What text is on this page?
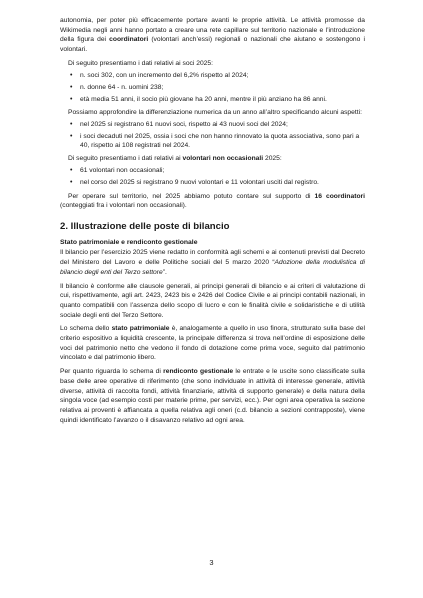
autonomia, per poter più efficacemente portare avanti le proprie attività. Le attività promosse da Wikimedia negli anni hanno portato a creare una rete capillare sul territorio nazionale e l’introduzione della figura dei coordinatori (volontari anch’essi) regionali o nazionali che aiutano e sostengono i volontari.

Di seguito presentiamo i dati relativi ai soci 2025:

• n. soci 302, con un incremento del 6,2% rispetto al 2024;
• n. donne 64 - n. uomini 238;
• età media 51 anni, il socio più giovane ha 20 anni, mentre il più anziano ha 86 anni.

Possiamo approfondire la differenziazione numerica da un anno all’altro specificando alcuni aspetti:

• nel 2025 si registrano 61 nuovi soci, rispetto ai 43 nuovi soci del 2024;
• i soci decaduti nel 2025, ossia i soci che non hanno rinnovato la quota associativa, sono pari a 40, rispetto ai 108 registrati nel 2024.

Di seguito presentiamo i dati relativi ai volontari non occasionali 2025:

• 61 volontari non occasionali;
• nel corso del 2025 si registrano 9 nuovi volontari e 11 volontari usciti dal registro.

Per operare sul territorio, nel 2025 abbiamo potuto contare sul supporto di 16 coordinatori (conteggiati fra i volontari non occasionali).

2. Illustrazione delle poste di bilancio
Stato patrimoniale e rendiconto gestionale

Il bilancio per l’esercizio 2025 viene redatto in conformità agli schemi e ai contenuti previsti dal Decreto del Ministero del Lavoro e delle Politiche sociali del 5 marzo 2020 “Adozione della modulistica di bilancio degli enti del Terzo settore”.

Il bilancio è conforme alle clausole generali, ai principi generali di bilancio e ai criteri di valutazione di cui, rispettivamente, agli art. 2423, 2423 bis e 2426 del Codice Civile e ai principi contabili nazionali, in quanto compatibili con l’assenza dello scopo di lucro e con le finalità civile e solidaristiche e di utilità sociale degli enti del Terzo Settore.

Lo schema dello stato patrimoniale è, analogamente a quello in uso finora, strutturato sulla base del criterio espositivo a liquidità crescente, la principale differenza si trova nell’ordine di esposizione delle voci del patrimonio netto che vedono il fondo di dotazione come prima voce, seguito dal patrimonio vincolato e dal patrimonio libero.

Per quanto riguarda lo schema di rendiconto gestionale le entrate e le uscite sono classificate sulla base delle aree operative di riferimento (che sono individuate in attività di interesse generale, attività diverse, attività di raccolta fondi, attività finanziarie, attività di supporto generale) e della natura della singola voce (ad esempio costi per materie prime, per servizi, ecc.). Per ogni area operativa la sezione relativa ai proventi è affiancata a quella relativa agli oneri (c.d. bilancio a sezioni contrapposte), viene quindi identificato l’avanzo o il disavanzo relativo ad ogni area.

3
